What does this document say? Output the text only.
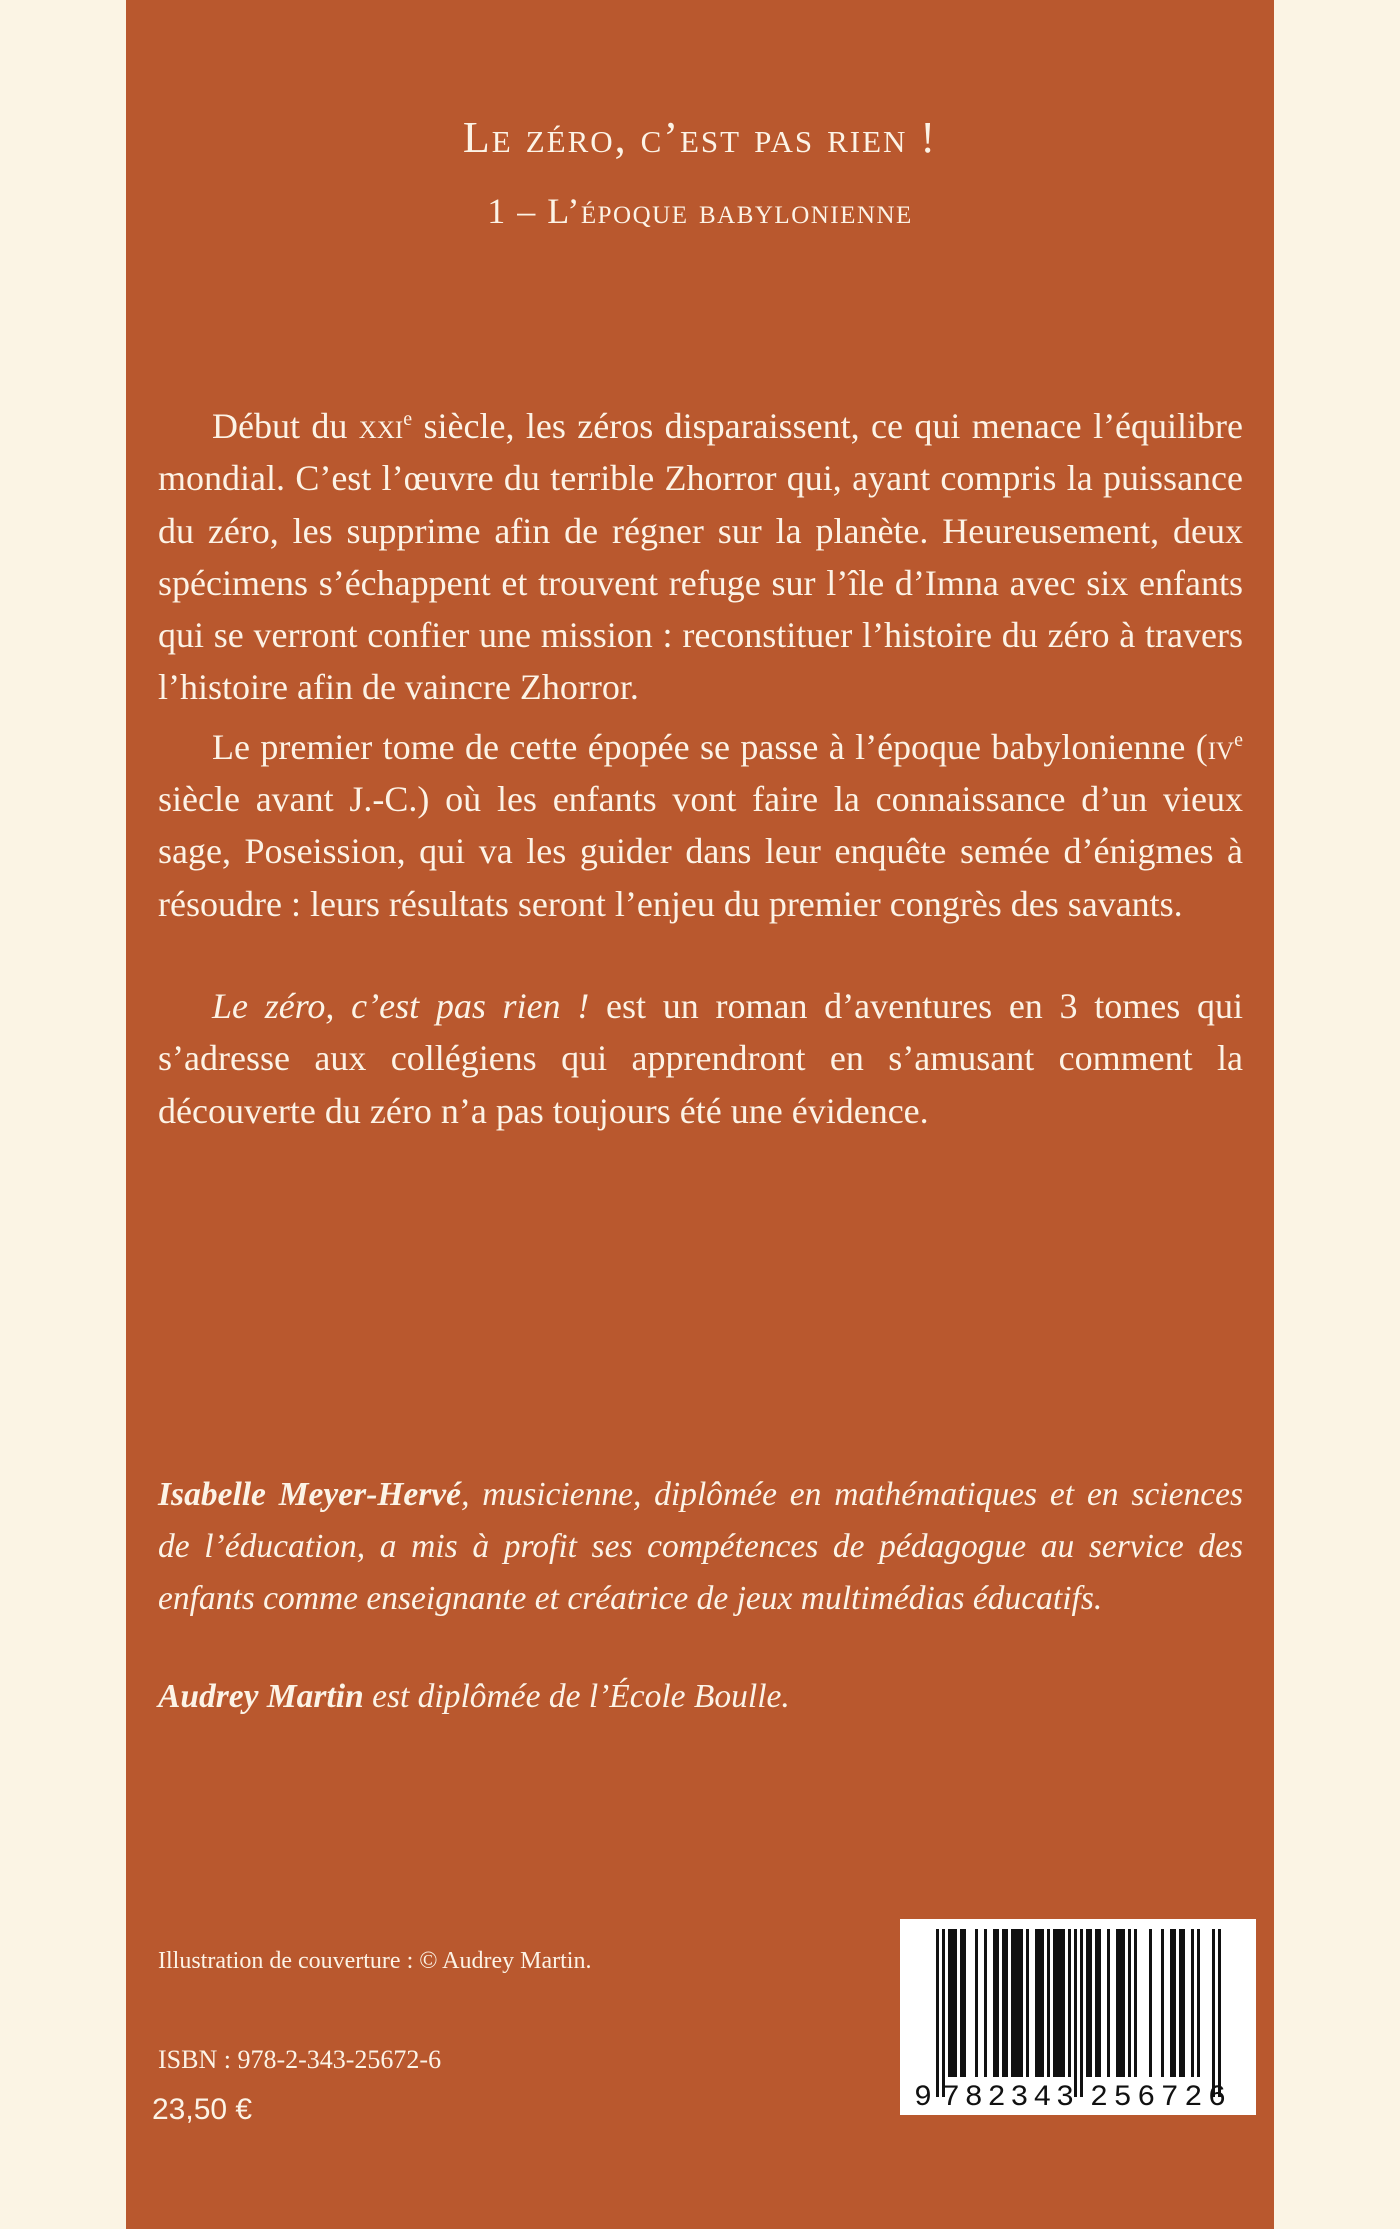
Le zéro, c’est pas rien !
1 – L’époque babylonienne

Début du xxi$^e$ siècle, les zéros disparaissent, ce qui menace l’équilibre mondial. C’est l’œuvre du terrible Zhorror qui, ayant compris la puissance du zéro, les supprime afin de régner sur la planète. Heureusement, deux spécimens s’échappent et trouvent refuge sur l’île d’Imna avec six enfants qui se verront confier une mission : reconstituer l’histoire du zéro à travers l’histoire afin de vaincre Zhorror.

Le premier tome de cette épopée se passe à l’époque babylonienne ($iv^e$ siècle avant J.-C.) où les enfants vont faire la connaissance d’un vieux sage, Poseission, qui va les guider dans leur enquête semée d’énigmes à résoudre : leurs résultats seront l’enjeu du premier congrès des savants.

Le zéro, c’est pas rien ! est un roman d’aventures en 3 tomes qui s’adresse aux collégiens qui apprendront en s’amusant comment la découverte du zéro n’a pas toujours été une évidence.

Isabelle Meyer-Hervé, musicienne, diplômée en mathématiques et en sciences de l’éducation, a mis à profit ses compétences de pédagogue au service des enfants comme enseignante et créatrice de jeux multimédias éducatifs.

Audrey Martin est diplômée de l’École Boulle.

Illustration de couverture : © Audrey Martin.
ISBN : 978-2-343-25672-6
23,50 €	9 782343 256726
